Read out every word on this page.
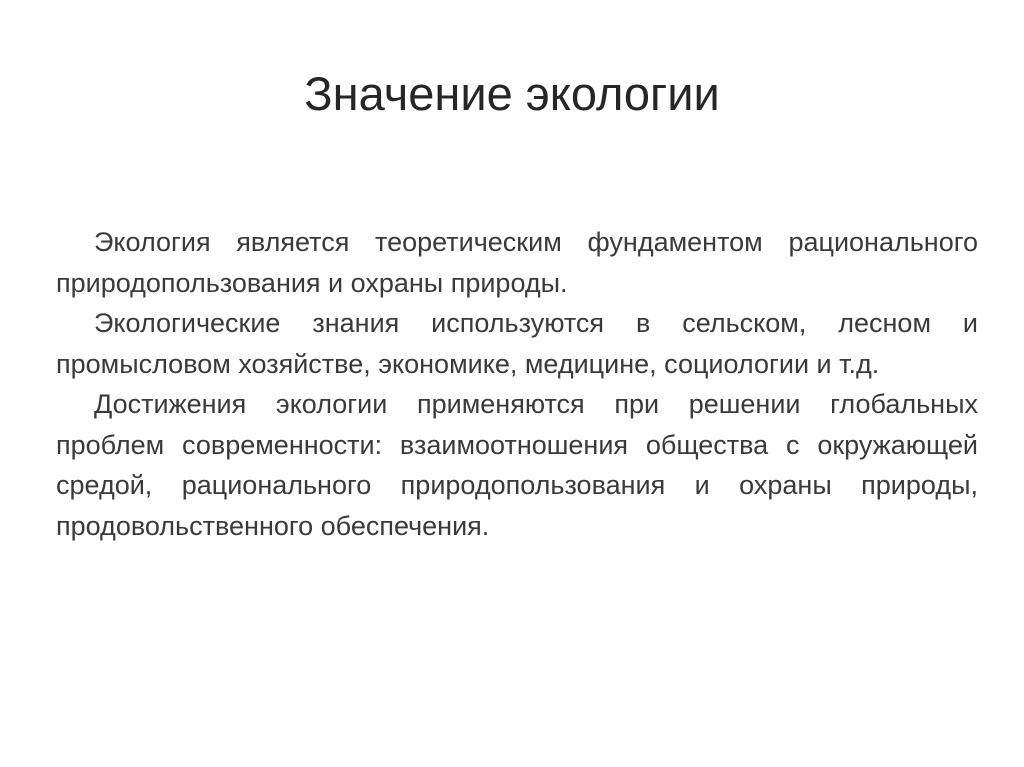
Значение экологии

Экология является теоретическим фундаментом рационального природопользования и охраны природы.

Экологические знания используются в сельском, лесном и промысловом хозяйстве, экономике, медицине, социологии и т.д.

Достижения экологии применяются при решении глобальных проблем современности: взаимоотношения общества с окружающей средой, рационального природопользования и охраны природы, продовольственного обеспечения.
